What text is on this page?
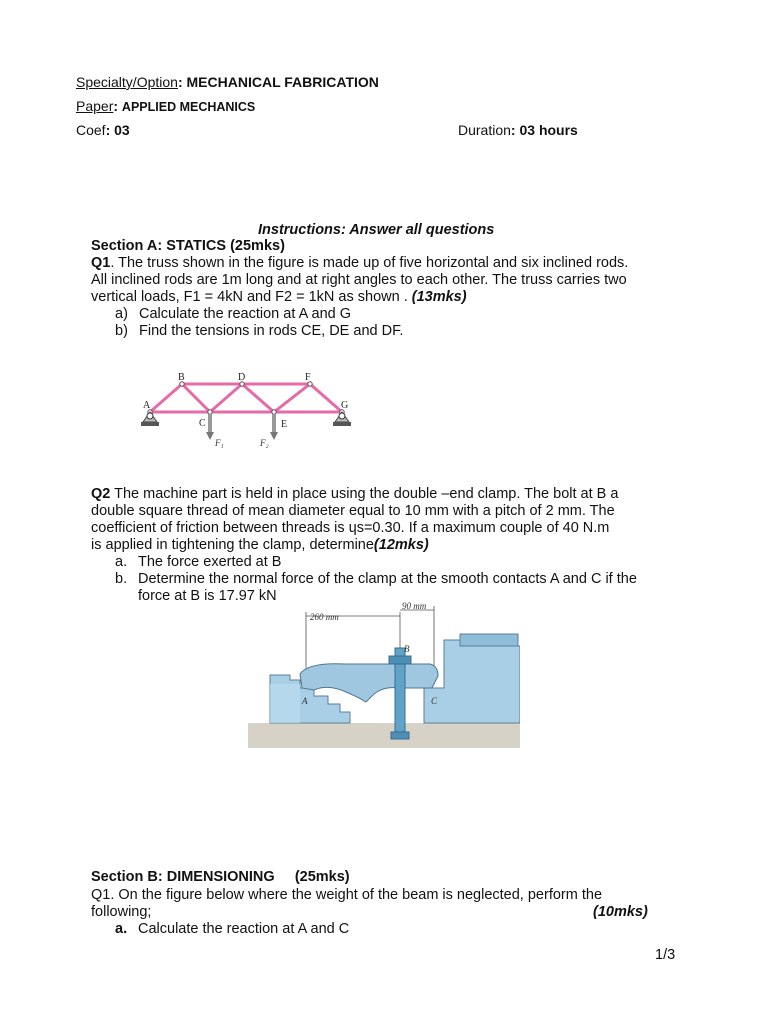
Specialty/Option: MECHANICAL FABRICATION
Paper: APPLIED MECHANICS
Coef: 03	Duration: 03 hours
Instructions: Answer all questions
Section A: STATICS (25mks)
Q1. The truss shown in the figure is made up of five horizontal and six inclined rods.
All inclined rods are 1m long and at right angles to each other. The truss carries two
vertical loads, F1 = 4kN and F2 = 1kN as shown . (13mks)
a) Calculate the reaction at A and G
b) Find the tensions in rods CE, DE and DF.
A
B
C
D
E
F
G
F₁	F₂
Q2 The machine part is held in place using the double –end clamp. The bolt at B a
double square thread of mean diameter equal to 10 mm with a pitch of 2 mm. The
coefficient of friction between threads is ɥs=0.30. If a maximum couple of 40 N.m
is applied in tightening the clamp, determine(12mks)
a. The force exerted at B
b. Determine the normal force of the clamp at the smooth contacts A and C if the
force at B is 17.97 kN
260 mm
90 mm
A	C
B
Section B: DIMENSIONING     (25mks)
Q1. On the figure below where the weight of the beam is neglected, perform the
following;	(10mks)
a. Calculate the reaction at A and C
1/3
